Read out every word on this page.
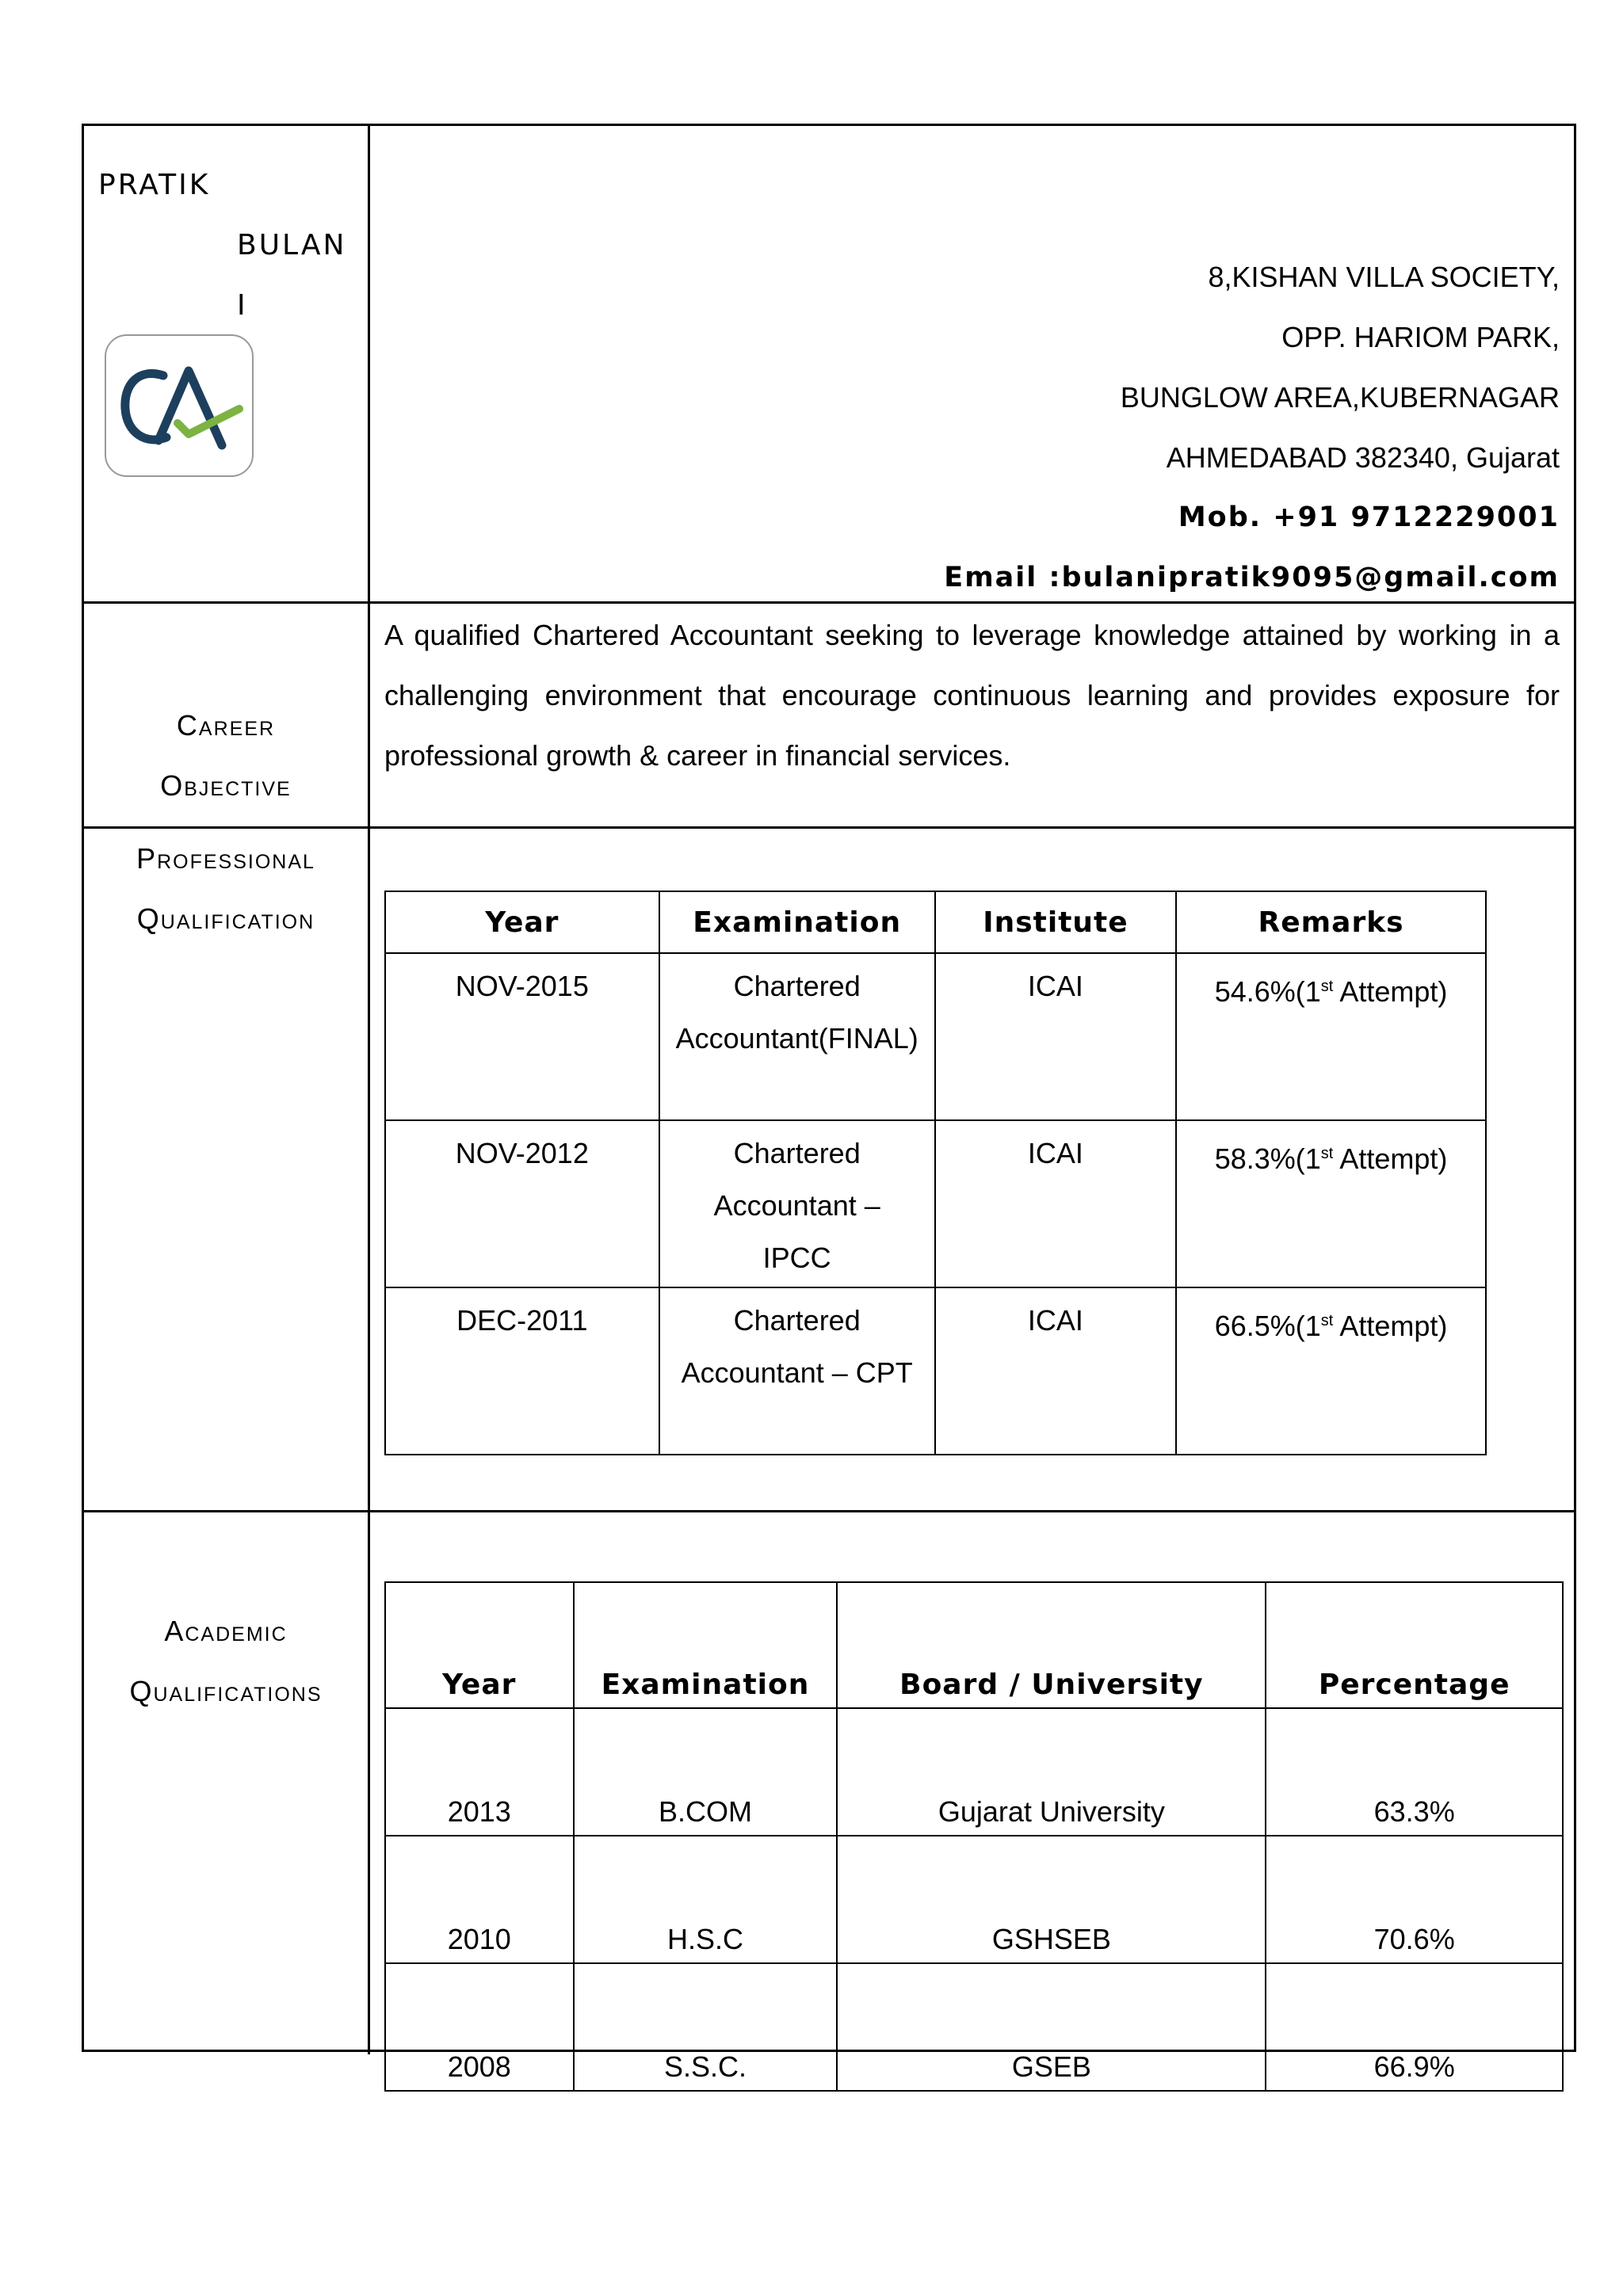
PRATIK
BULAN
I
8,KISHAN VILLA SOCIETY,
OPP. HARIOM PARK,
BUNGLOW AREA,KUBERNAGAR
AHMEDABAD 382340, Gujarat
Mob. +91 9712229001
Email :bulanipratik9095@gmail.com
Career
Objective
A qualified Chartered Accountant seeking to leverage knowledge attained by working in a challenging environment that encourage continuous learning and provides exposure for professional growth & career in financial services.
Professional
Qualification	Year	Examination	Institute	Remarks
NOV-2015	Chartered Accountant(FINAL)	ICAI	54.6%(1st Attempt)
NOV-2012	Chartered Accountant – IPCC	ICAI	58.3%(1st Attempt)
DEC-2011	Chartered Accountant – CPT	ICAI	66.5%(1st Attempt)
Academic
Qualifications	Year	Examination	Board / University	Percentage
2013	B.COM	Gujarat University	63.3%
2010	H.S.C	GSHSEB	70.6%
2008	S.S.C.	GSEB	66.9%
